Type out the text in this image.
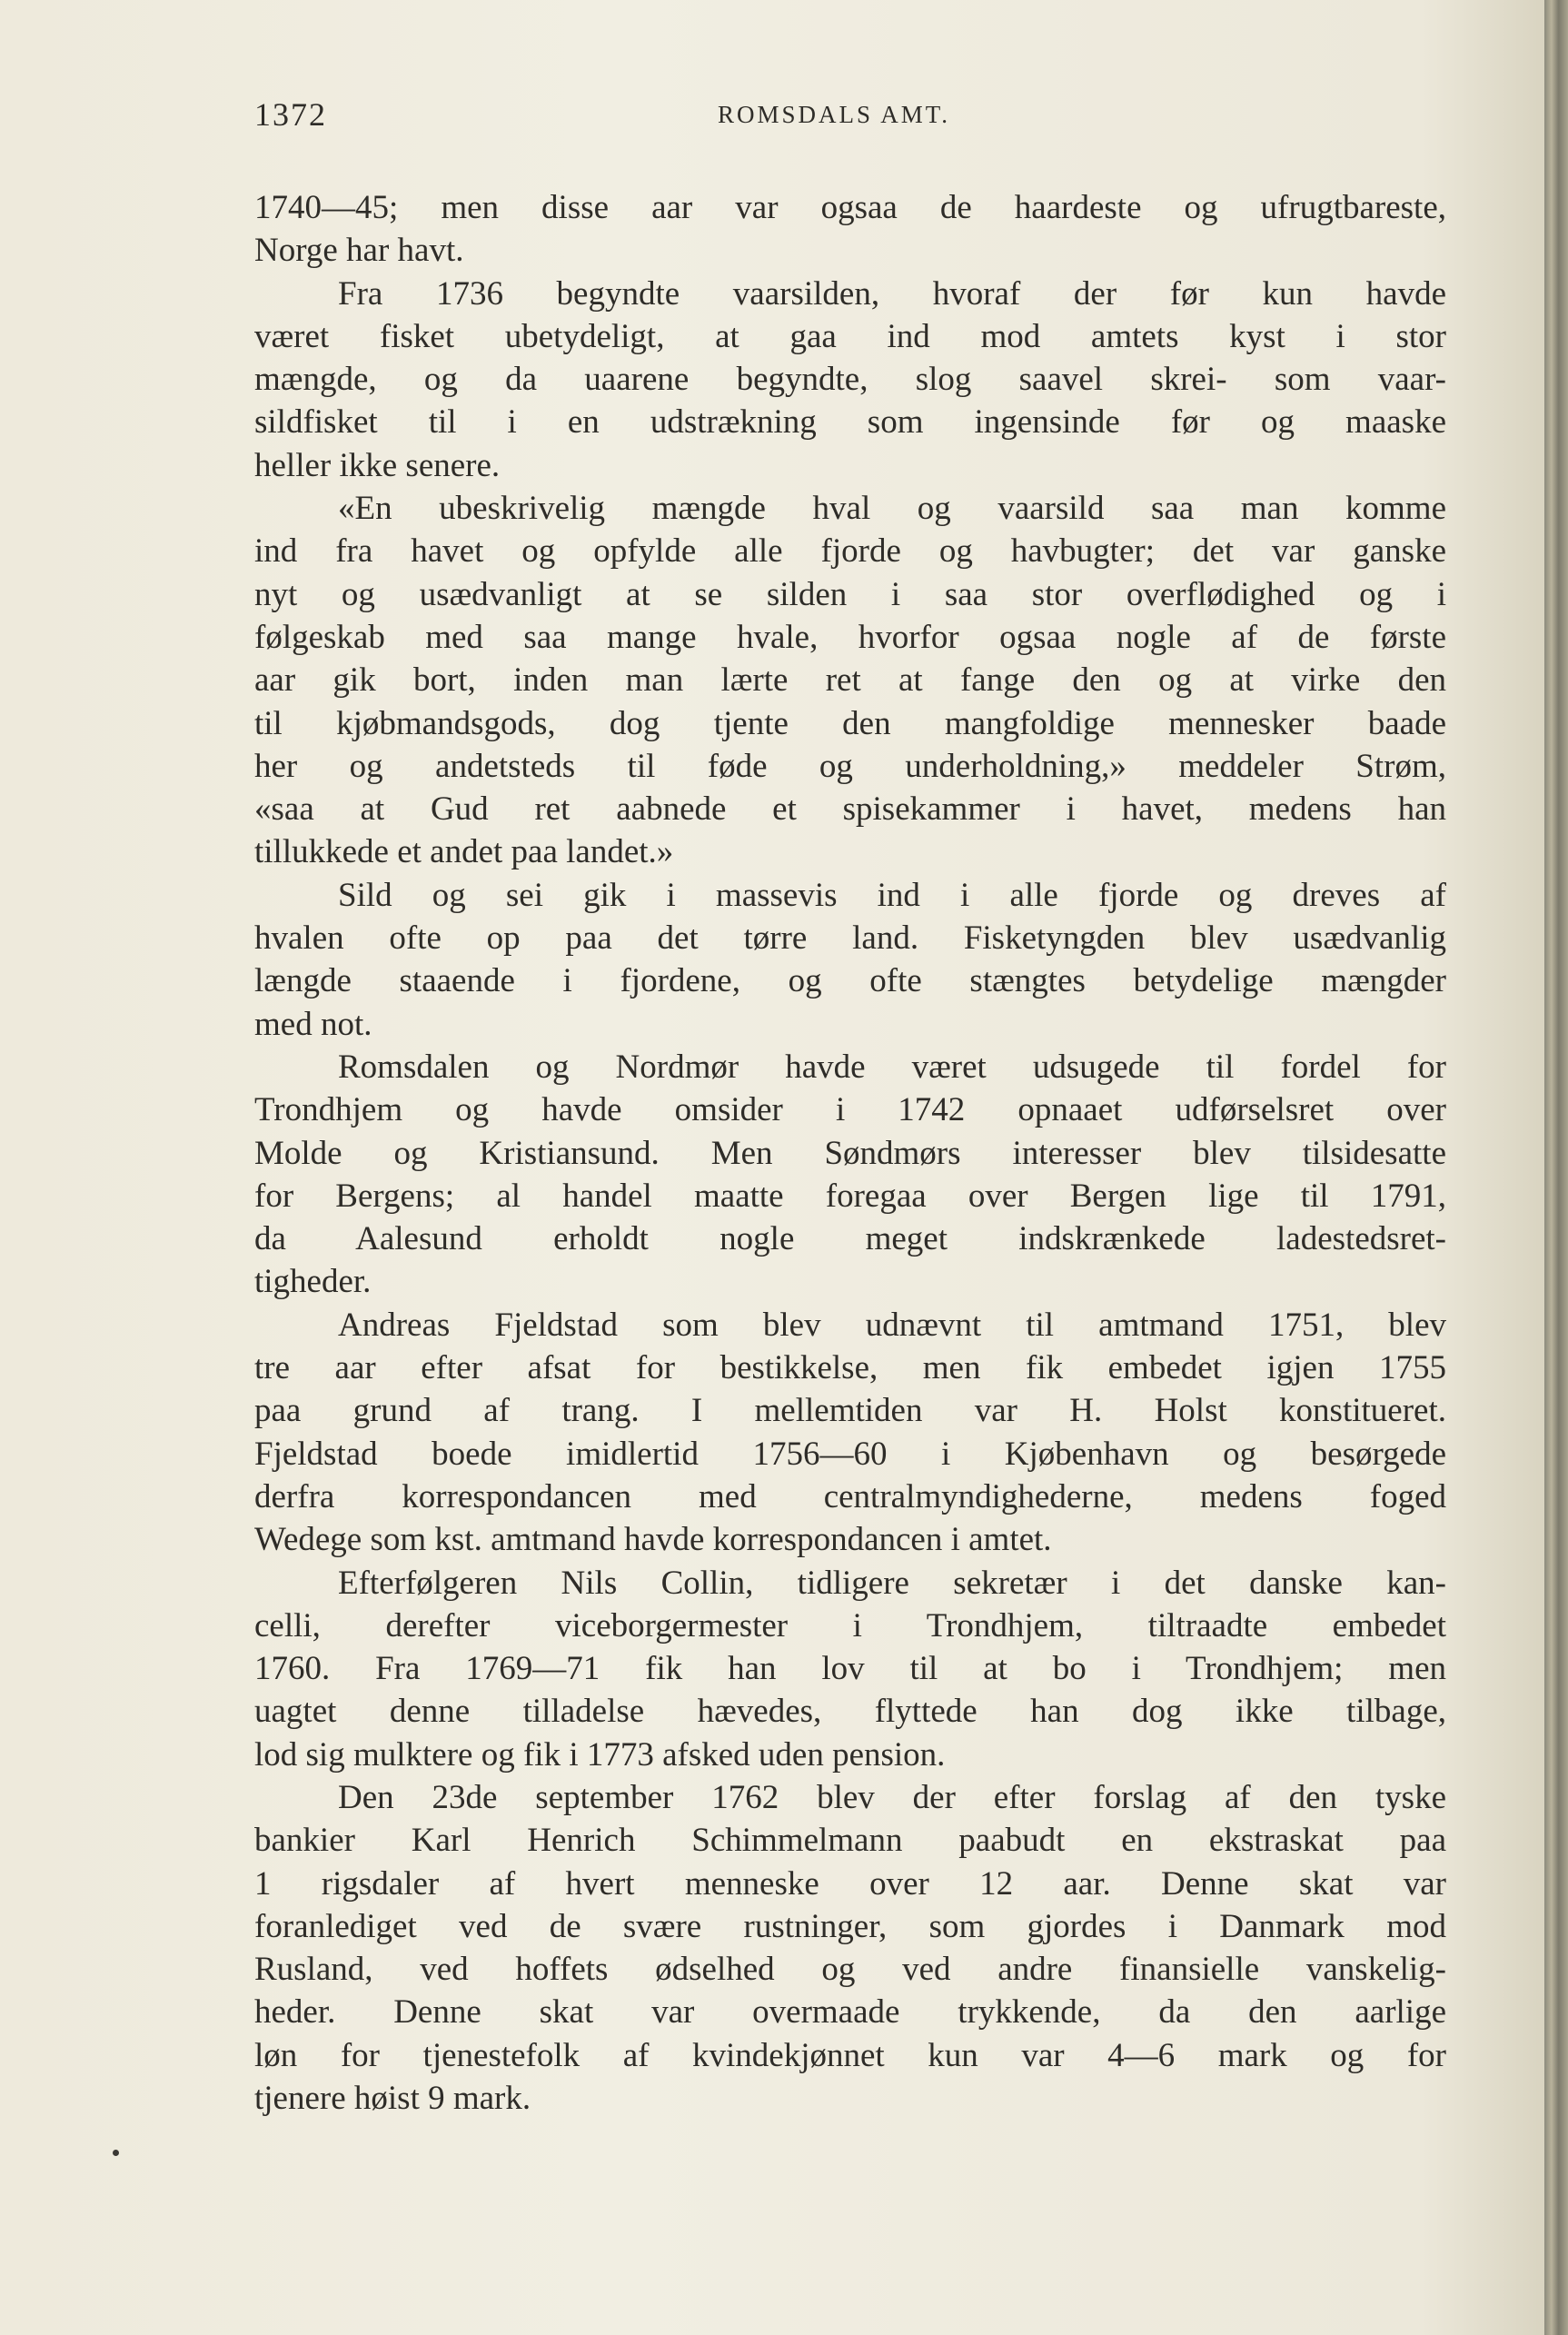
1372	ROMSDALS AMT.
1740—45; men disse aar var ogsaa de haardeste og ufrugtbareste,
Norge har havt.
Fra 1736 begyndte vaarsilden, hvoraf der før kun havde
været fisket ubetydeligt, at gaa ind mod amtets kyst i stor
mængde, og da uaarene begyndte, slog saavel skrei- som vaar-
sildfisket til i en udstrækning som ingensinde før og maaske
heller ikke senere.
«En ubeskrivelig mængde hval og vaarsild saa man komme
ind fra havet og opfylde alle fjorde og havbugter; det var ganske
nyt og usædvanligt at se silden i saa stor overflødighed og i
følgeskab med saa mange hvale, hvorfor ogsaa nogle af de første
aar gik bort, inden man lærte ret at fange den og at virke den
til kjøbmandsgods, dog tjente den mangfoldige mennesker baade
her og andetsteds til føde og underholdning,» meddeler Strøm,
«saa at Gud ret aabnede et spisekammer i havet, medens han
tillukkede et andet paa landet.»
Sild og sei gik i massevis ind i alle fjorde og dreves af
hvalen ofte op paa det tørre land. Fisketyngden blev usædvanlig
længde staaende i fjordene, og ofte stængtes betydelige mængder
med not.
Romsdalen og Nordmør havde været udsugede til fordel for
Trondhjem og havde omsider i 1742 opnaaet udførselsret over
Molde og Kristiansund. Men Søndmørs interesser blev tilsidesatte
for Bergens; al handel maatte foregaa over Bergen lige til 1791,
da Aalesund erholdt nogle meget indskrænkede ladestedsret-
tigheder.
Andreas Fjeldstad som blev udnævnt til amtmand 1751, blev
tre aar efter afsat for bestikkelse, men fik embedet igjen 1755
paa grund af trang. I mellemtiden var H. Holst konstitueret.
Fjeldstad boede imidlertid 1756—60 i Kjøbenhavn og besørgede
derfra korrespondancen med centralmyndighederne, medens foged
Wedege som kst. amtmand havde korrespondancen i amtet.
Efterfølgeren Nils Collin, tidligere sekretær i det danske kan-
celli, derefter viceborgermester i Trondhjem, tiltraadte embedet
1760. Fra 1769—71 fik han lov til at bo i Trondhjem; men
uagtet denne tilladelse hævedes, flyttede han dog ikke tilbage,
lod sig mulktere og fik i 1773 afsked uden pension.
Den 23de september 1762 blev der efter forslag af den tyske
bankier Karl Henrich Schimmelmann paabudt en ekstraskat paa
1 rigsdaler af hvert menneske over 12 aar. Denne skat var
foranlediget ved de svære rustninger, som gjordes i Danmark mod
Rusland, ved hoffets ødselhed og ved andre finansielle vanskelig-
heder. Denne skat var overmaade trykkende, da den aarlige
løn for tjenestefolk af kvindekjønnet kun var 4—6 mark og for
tjenere høist 9 mark.
